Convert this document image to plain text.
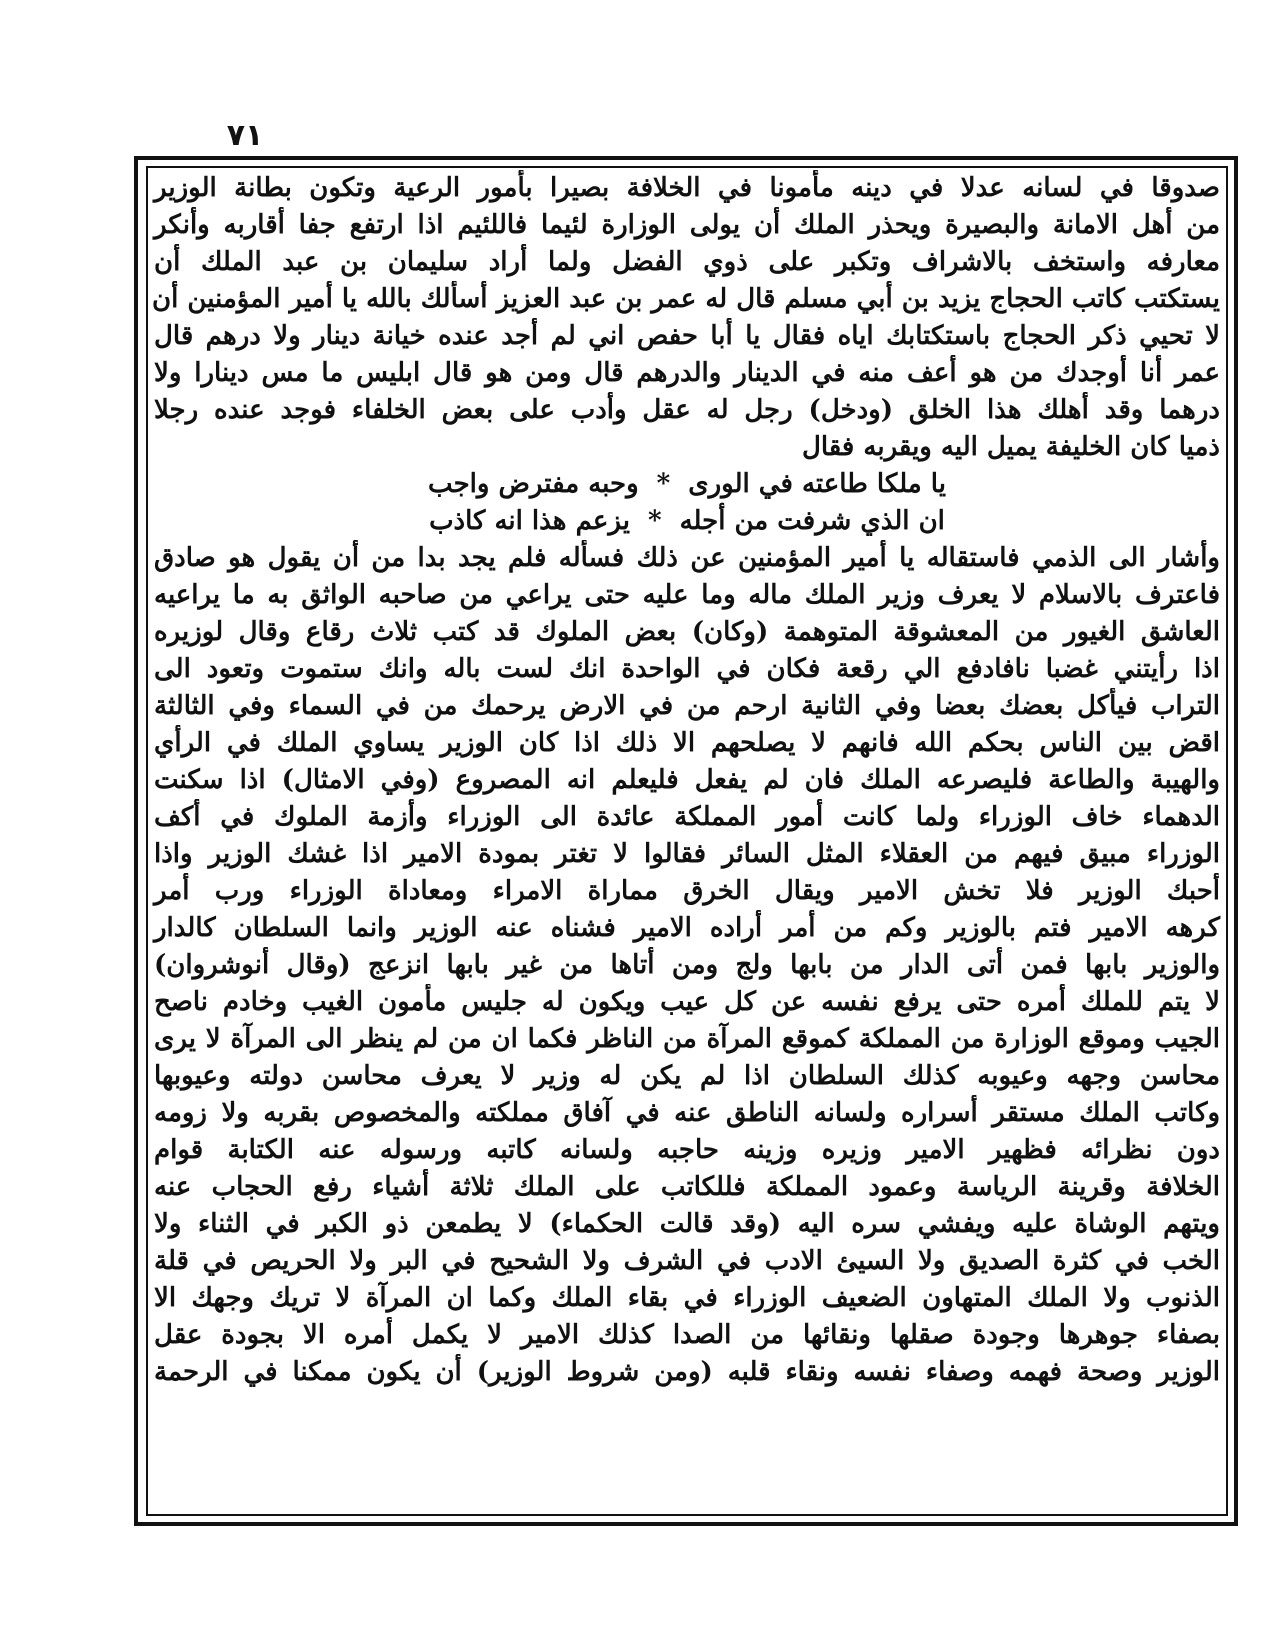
٧١
صدوقا في لسانه عدلا في دينه مأمونا في الخلافة بصيرا بأمور الرعية وتكون بطانة الوزير
من أهل الامانة والبصيرة ويحذر الملك أن يولى الوزارة لئيما فاللئيم اذا ارتفع جفا أقاربه وأنكر
معارفه واستخف بالاشراف وتكبر على ذوي الفضل ولما أراد سليمان بن عبد الملك أن
يستكتب كاتب الحجاج يزيد بن أبي مسلم قال له عمر بن عبد العزيز أسألك بالله يا أمير المؤمنين أن
لا تحيي ذكر الحجاج باستكتابك اياه فقال يا أبا حفص اني لم أجد عنده خيانة دينار ولا درهم قال
عمر أنا أوجدك من هو أعف منه في الدينار والدرهم قال ومن هو قال ابليس ما مس دينارا ولا
درهما وقد أهلك هذا الخلق (ودخل) رجل له عقل وأدب على بعض الخلفاء فوجد عنده رجلا
ذميا كان الخليفة يميل اليه ويقربه فقال
يا ملكا طاعته في الورى*وحبه مفترض واجب
ان الذي شرفت من أجله*يزعم هذا انه كاذب
وأشار الى الذمي فاستقاله يا أمير المؤمنين عن ذلك فسأله فلم يجد بدا من أن يقول هو صادق
فاعترف بالاسلام لا يعرف وزير الملك ماله وما عليه حتى يراعي من صاحبه الواثق به ما يراعيه
العاشق الغيور من المعشوقة المتوهمة (وكان) بعض الملوك قد كتب ثلاث رقاع وقال لوزيره
اذا رأيتني غضبا نافادفع الي رقعة فكان في الواحدة انك لست باله وانك ستموت وتعود الى
التراب فيأكل بعضك بعضا وفي الثانية ارحم من في الارض يرحمك من في السماء وفي الثالثة
اقض بين الناس بحكم الله فانهم لا يصلحهم الا ذلك اذا كان الوزير يساوي الملك في الرأي
والهيبة والطاعة فليصرعه الملك فان لم يفعل فليعلم انه المصروع (وفي الامثال) اذا سكنت
الدهماء خاف الوزراء ولما كانت أمور المملكة عائدة الى الوزراء وأزمة الملوك في أكف
الوزراء مبيق فيهم من العقلاء المثل السائر فقالوا لا تغتر بمودة الامير اذا غشك الوزير واذا
أحبك الوزير فلا تخش الامير ويقال الخرق مماراة الامراء ومعاداة الوزراء ورب أمر
كرهه الامير فتم بالوزير وكم من أمر أراده الامير فشناه عنه الوزير وانما السلطان كالدار
والوزير بابها فمن أتى الدار من بابها ولج ومن أتاها من غير بابها انزعج (وقال أنوشروان)
لا يتم للملك أمره حتى يرفع نفسه عن كل عيب ويكون له جليس مأمون الغيب وخادم ناصح
الجيب وموقع الوزارة من المملكة كموقع المرآة من الناظر فكما ان من لم ينظر الى المرآة لا يرى
محاسن وجهه وعيوبه كذلك السلطان اذا لم يكن له وزير لا يعرف محاسن دولته وعيوبها
وكاتب الملك مستقر أسراره ولسانه الناطق عنه في آفاق مملكته والمخصوص بقربه ولا زومه
دون نظرائه فظهير الامير وزيره وزينه حاجبه ولسانه كاتبه ورسوله عنه الكتابة قوام
الخلافة وقرينة الرياسة وعمود المملكة فللكاتب على الملك ثلاثة أشياء رفع الحجاب عنه
ويتهم الوشاة عليه ويفشي سره اليه (وقد قالت الحكماء) لا يطمعن ذو الكبر في الثناء ولا
الخب في كثرة الصديق ولا السيئ الادب في الشرف ولا الشحيح في البر ولا الحريص في قلة
الذنوب ولا الملك المتهاون الضعيف الوزراء في بقاء الملك وكما ان المرآة لا تريك وجهك الا
بصفاء جوهرها وجودة صقلها ونقائها من الصدا كذلك الامير لا يكمل أمره الا بجودة عقل
الوزير وصحة فهمه وصفاء نفسه ونقاء قلبه (ومن شروط الوزير) أن يكون ممكنا في الرحمة
